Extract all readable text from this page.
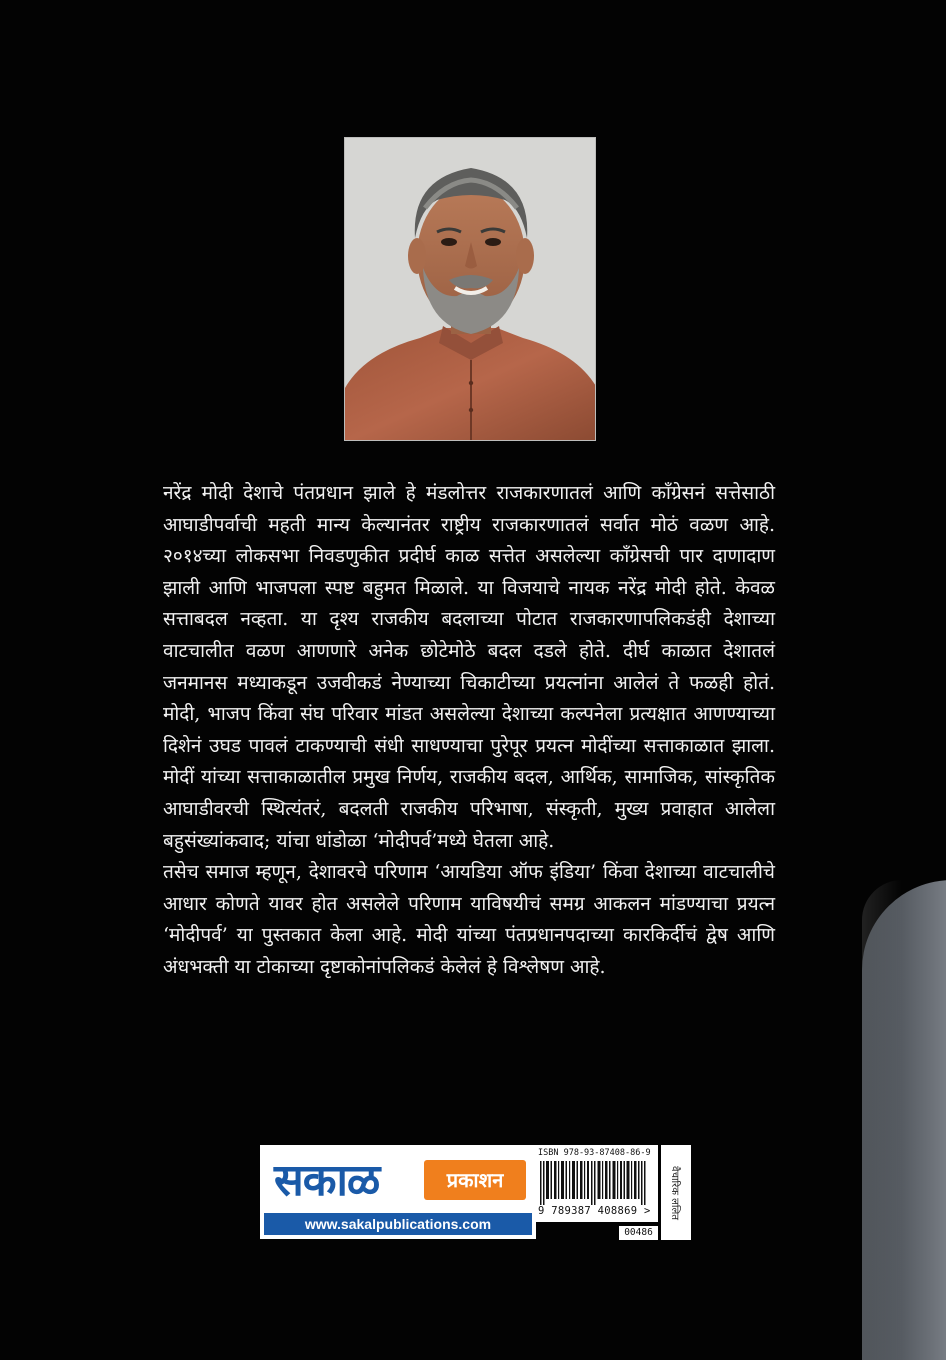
नरेंद्र मोदी देशाचे पंतप्रधान झाले हे मंडलोत्तर राजकारणातलं आणि काँग्रेसनं सत्तेसाठी आघाडीपर्वाची महती मान्य केल्यानंतर राष्ट्रीय राजकारणातलं सर्वात मोठं वळण आहे. २०१४च्या लोकसभा निवडणुकीत प्रदीर्घ काळ सत्तेत असलेल्या काँग्रेसची पार दाणादाण झाली आणि भाजपला स्पष्ट बहुमत मिळाले. या विजयाचे नायक नरेंद्र मोदी होते. केवळ सत्ताबदल नव्हता. या दृश्य राजकीय बदलाच्या पोटात राजकारणापलिकडंही देशाच्या वाटचालीत वळण आणणारे अनेक छोटेमोठे बदल दडले होते. दीर्घ काळात देशातलं जनमानस मध्याकडून उजवीकडं नेण्याच्या चिकाटीच्या प्रयत्नांना आलेलं ते फळही होतं. मोदी, भाजप किंवा संघ परिवार मांडत असलेल्या देशाच्या कल्पनेला प्रत्यक्षात आणण्याच्या दिशेनं उघड पावलं टाकण्याची संधी साधण्याचा पुरेपूर प्रयत्न मोदींच्या सत्ताकाळात झाला. मोदीं यांच्या सत्ताकाळातील प्रमुख निर्णय, राजकीय बदल, आर्थिक, सामाजिक, सांस्कृतिक आघाडीवरची स्थित्यंतरं, बदलती राजकीय परिभाषा, संस्कृती, मुख्य प्रवाहात आलेला बहुसंख्यांकवाद; यांचा धांडोळा ‘मोदीपर्व’मध्ये घेतला आहे.

तसेच समाज म्हणून, देशावरचे परिणाम ‘आयडिया ऑफ इंडिया’ किंवा देशाच्या वाटचालीचे आधार कोणते यावर होत असलेले परिणाम याविषयीचं समग्र आकलन मांडण्याचा प्रयत्न ‘मोदीपर्व’ या पुस्तकात केला आहे. मोदी यांच्या पंतप्रधानपदाच्या कारकिर्दीचं द्वेष आणि अंधभक्ती या टोकाच्या दृष्टाकोनांपलिकडं केलेलं हे विश्लेषण आहे.

सकाळ	प्रकाशन
www.sakalpublications.com
ISBN 978-93-87408-86-9
9 789387 408869 >
00486
वैचारिक ललित
